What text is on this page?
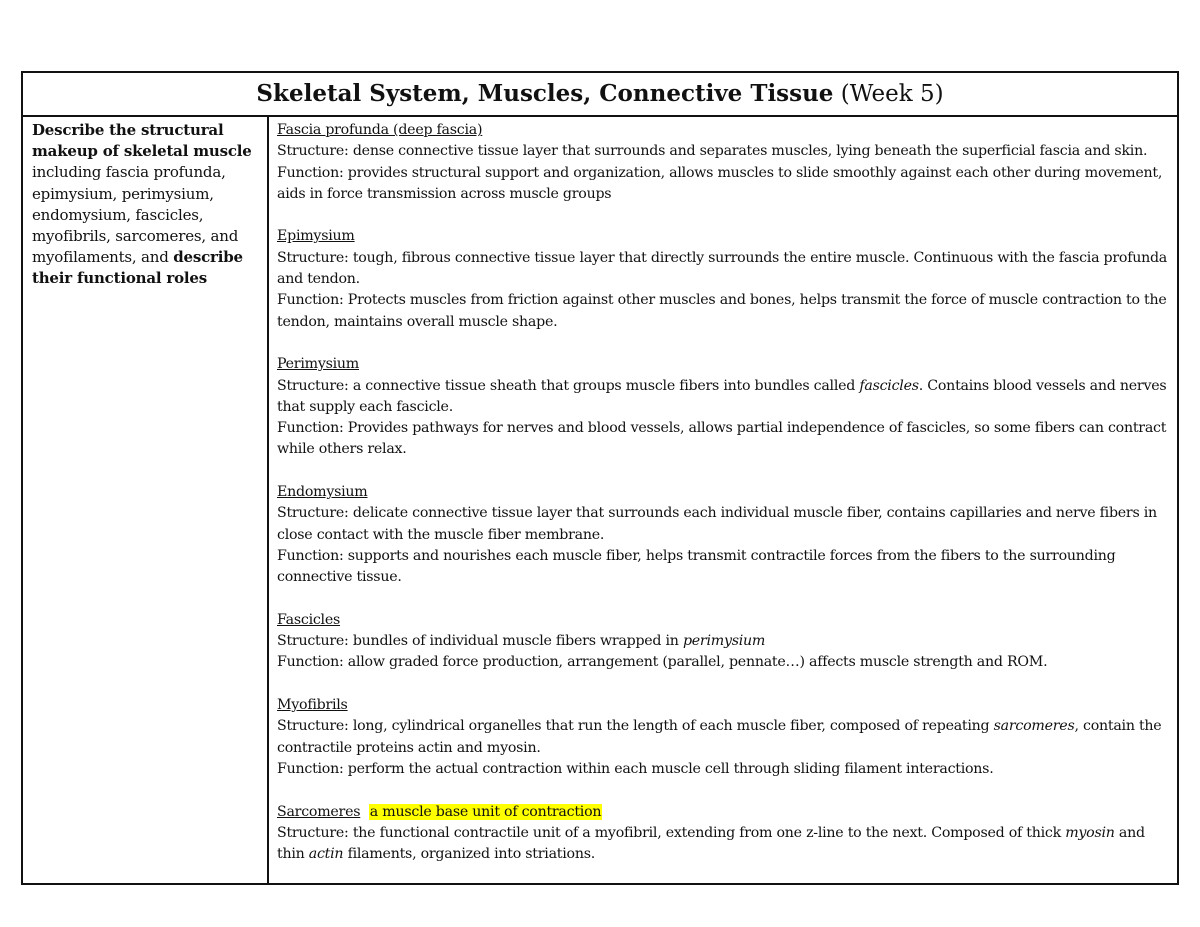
Skeletal System, Muscles, Connective Tissue (Week 5)
Describe the structural makeup of skeletal muscle including fascia profunda, epimysium, perimysium, endomysium, fascicles, myofibrils, sarcomeres, and myofilaments, and describe their functional roles
Fascia profunda (deep fascia)
Structure: dense connective tissue layer that surrounds and separates muscles, lying beneath the superficial fascia and skin.
Function: provides structural support and organization, allows muscles to slide smoothly against each other during movement, aids in force transmission across muscle groups
Epimysium
Structure: tough, fibrous connective tissue layer that directly surrounds the entire muscle. Continuous with the fascia profunda and tendon.
Function: Protects muscles from friction against other muscles and bones, helps transmit the force of muscle contraction to the tendon, maintains overall muscle shape.
Perimysium
Structure: a connective tissue sheath that groups muscle fibers into bundles called fascicles. Contains blood vessels and nerves that supply each fascicle.
Function: Provides pathways for nerves and blood vessels, allows partial independence of fascicles, so some fibers can contract while others relax.
Endomysium
Structure: delicate connective tissue layer that surrounds each individual muscle fiber, contains capillaries and nerve fibers in close contact with the muscle fiber membrane.
Function: supports and nourishes each muscle fiber, helps transmit contractile forces from the fibers to the surrounding connective tissue.
Fascicles
Structure: bundles of individual muscle fibers wrapped in perimysium
Function: allow graded force production, arrangement (parallel, pennate…) affects muscle strength and ROM.
Myofibrils
Structure: long, cylindrical organelles that run the length of each muscle fiber, composed of repeating sarcomeres, contain the contractile proteins actin and myosin.
Function: perform the actual contraction within each muscle cell through sliding filament interactions.
Sarcomeres a muscle base unit of contraction
Structure: the functional contractile unit of a myofibril, extending from one z-line to the next. Composed of thick myosin and thin actin filaments, organized into striations.
